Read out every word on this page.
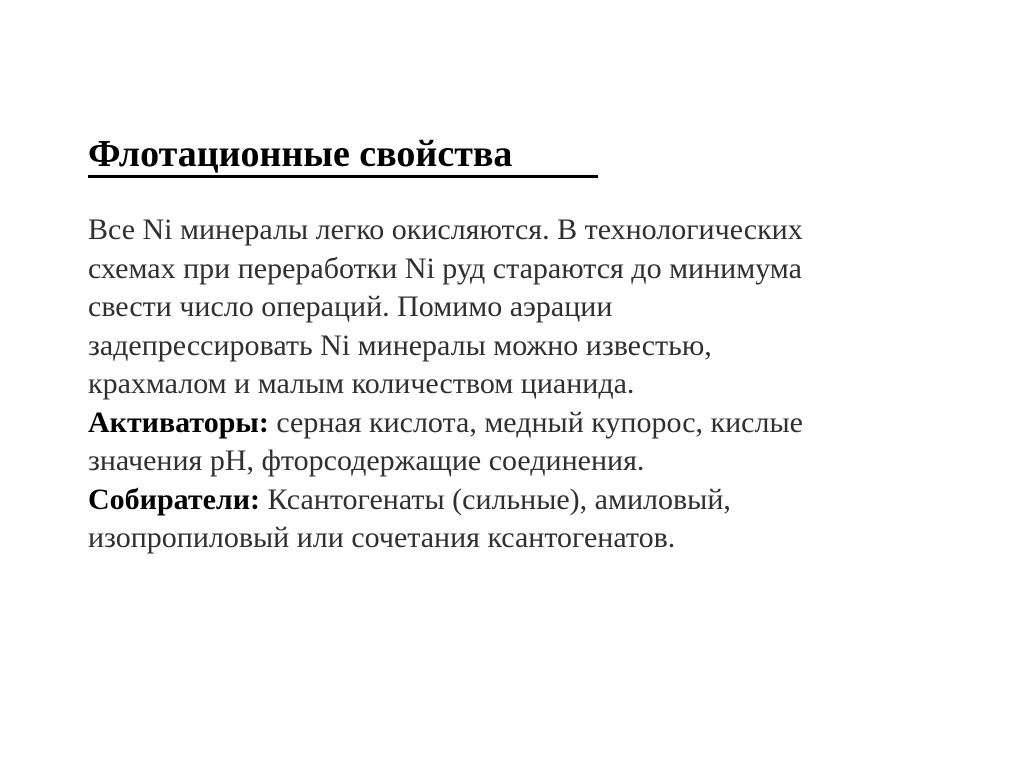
Флотационные свойства
Все Ni минералы легко окисляются. В технологических
схемах при переработки Ni руд стараются до минимума
свести число операций. Помимо аэрации
задепрессировать Ni минералы можно известью,
крахмалом и малым количеством цианида.
Активаторы: серная кислота, медный купорос, кислые
значения рН, фторсодержащие соединения.
Собиратели: Ксантогенаты (сильные), амиловый,
изопропиловый или сочетания ксантогенатов.
